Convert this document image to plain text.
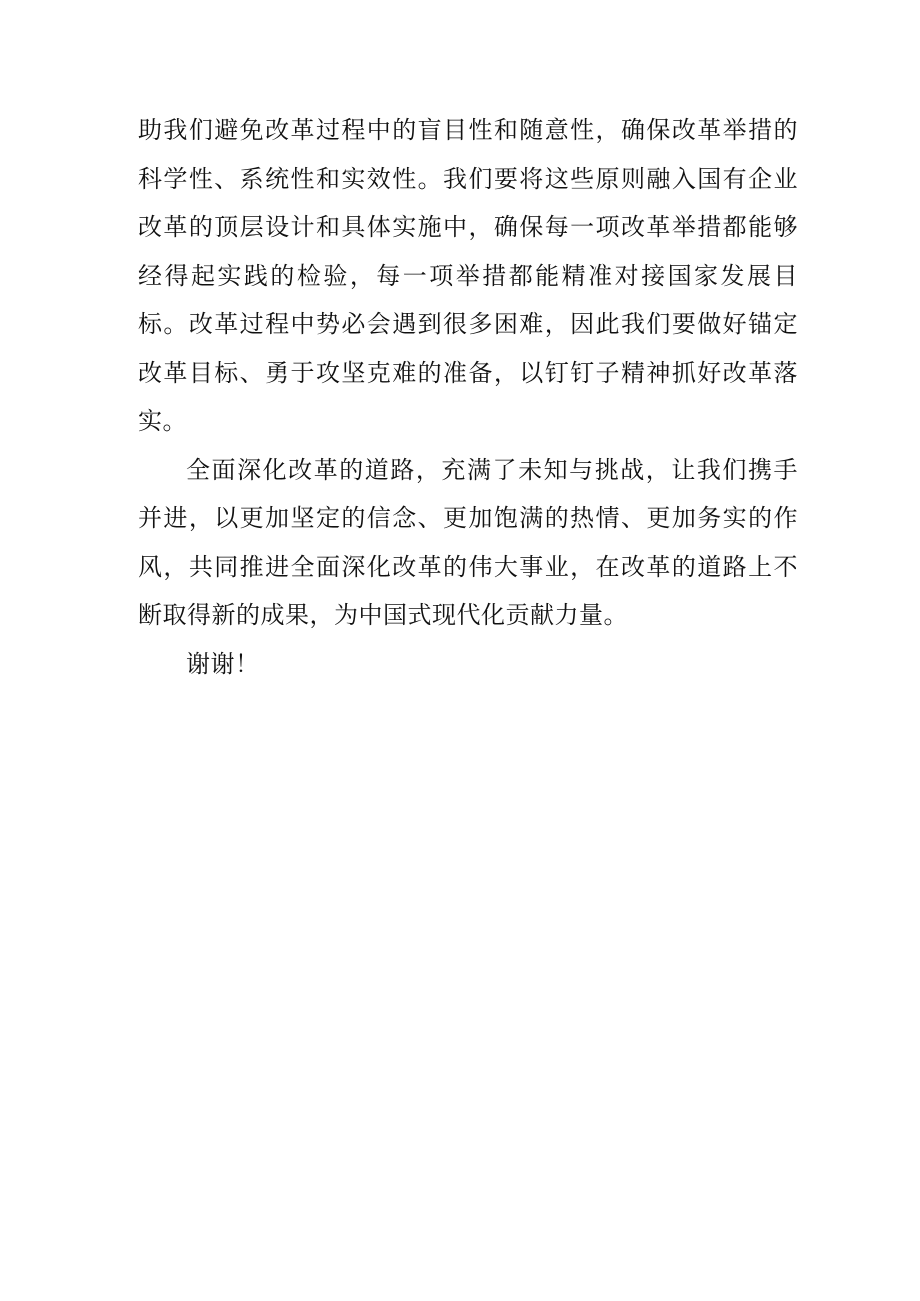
助我们避免改革过程中的盲目性和随意性，确保改革举措的科学性、系统性和实效性。我们要将这些原则融入国有企业改革的顶层设计和具体实施中，确保每一项改革举措都能够经得起实践的检验，每一项举措都能精准对接国家发展目标。改革过程中势必会遇到很多困难，因此我们要做好锚定改革目标、勇于攻坚克难的准备，以钉钉子精神抓好改革落实。

全面深化改革的道路，充满了未知与挑战，让我们携手并进，以更加坚定的信念、更加饱满的热情、更加务实的作风，共同推进全面深化改革的伟大事业，在改革的道路上不断取得新的成果，为中国式现代化贡献力量。

谢谢！
